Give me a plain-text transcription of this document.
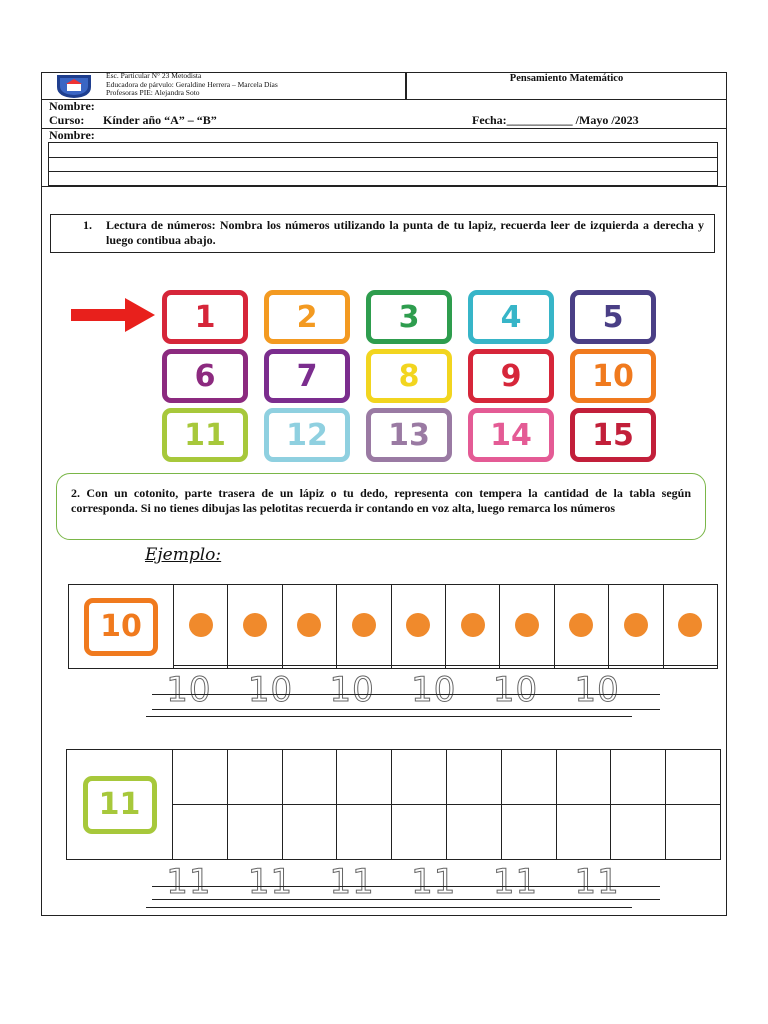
Esc. Particular N° 23 Metodista
Educadora de párvulo: Geraldine Herrera – Marcela Días
Profesoras PIE: Alejandra Soto
Pensamiento Matemático
Nombre:
Curso: Kínder año “A” – “B”	Fecha:___________ /Mayo /2023
Nombre:
1. Lectura de números: Nombra los números utilizando la punta de tu lapiz, recuerda leer de izquierda a derecha y luego contibua abajo.
1	2	3	4	5
6	7	8	9	10
11	12	13	14	15
2. Con un cotonito, parte trasera de un lápiz o tu dedo, representa con tempera la cantidad de la tabla según corresponda. Si no tienes dibujas las pelotitas recuerda ir contando en voz alta, luego remarca los números
Ejemplo:
10										

10 10 10 10 10 10
11										

11 11 11 11 11 11
